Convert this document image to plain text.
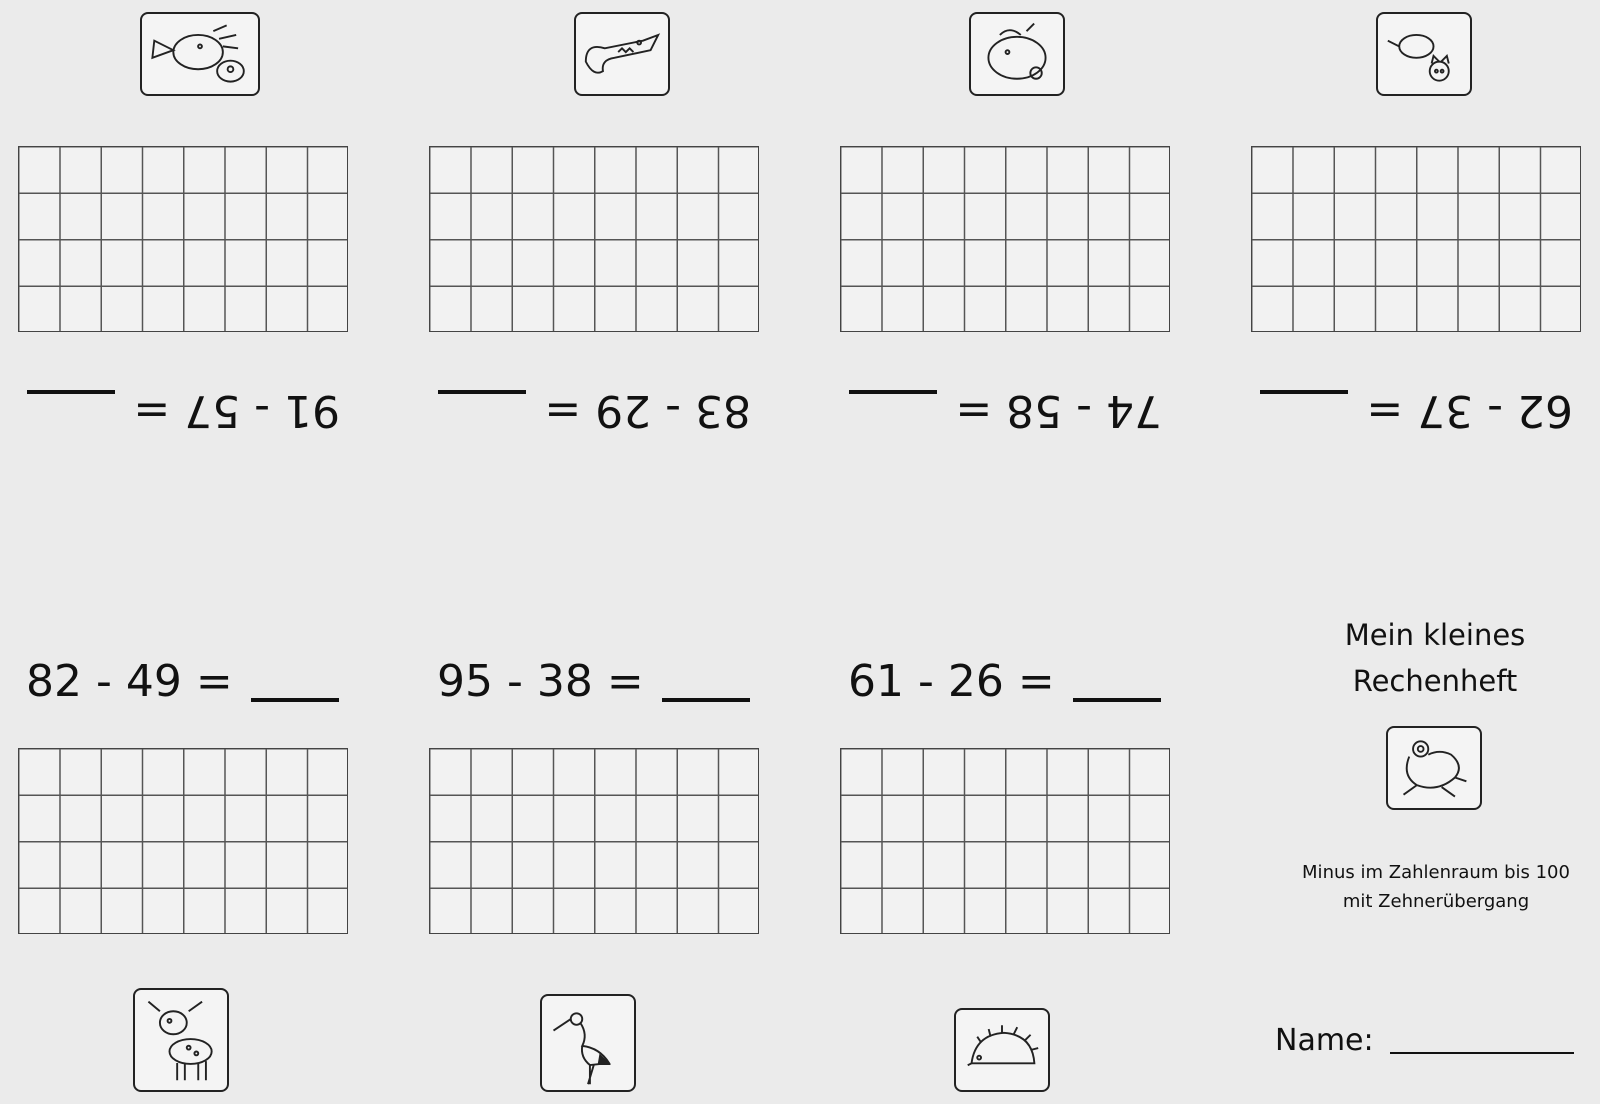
91 - 57 =	83 - 29 =	74 - 58 =	62 - 37 =
82 - 49 =	95 - 38 =	61 - 26 =
Mein kleines
Rechenheft
Minus im Zahlenraum bis 100
mit Zehnerübergang
Name:
